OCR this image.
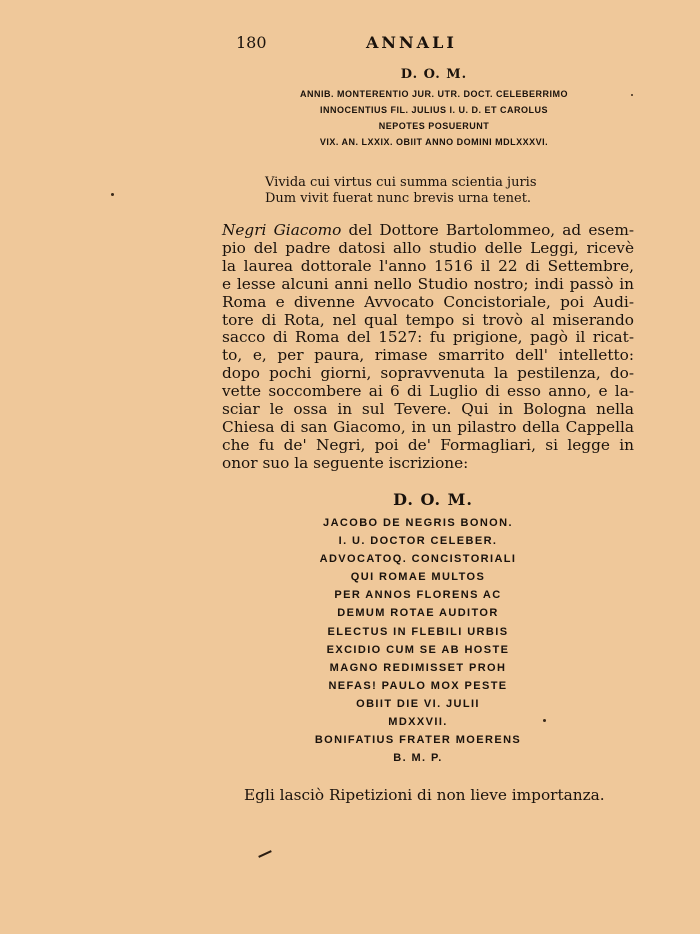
180	ANNALI
D. O. M.
ANNIB. MONTERENTIO JUR. UTR. DOCT. CELEBERRIMO
INNOCENTIUS FIL. JULIUS I. U. D. ET CAROLUS
NEPOTES POSUERUNT
VIX. AN. LXXIX. OBIIT ANNO DOMINI MDLXXXVI.
Vivida cui virtus cui summa scientia juris
Dum vivit fuerat nunc brevis urna tenet.
Negri Giacomo del Dottore Bartolommeo, ad esem-
pio del padre datosi allo studio delle Leggi, ricevè
la laurea dottorale l'anno 1516 il 22 di Settembre,
e lesse alcuni anni nello Studio nostro; indi passò in
Roma e divenne Avvocato Concistoriale, poi Audi-
tore di Rota, nel qual tempo si trovò al miserando
sacco di Roma del 1527: fu prigione, pagò il ricat-
to, e, per paura, rimase smarrito dell' intelletto:
dopo pochi giorni, sopravvenuta la pestilenza, do-
vette soccombere ai 6 di Luglio di esso anno, e la-
sciar le ossa in sul Tevere. Qui in Bologna nella
Chiesa di san Giacomo, in un pilastro della Cappella
che fu de' Negri, poi de' Formagliari, si legge in
onor suo la seguente iscrizione:
D. O. M.
JACOBO DE NEGRIS BONON.
I. U. DOCTOR CELEBER.
ADVOCATOQ. CONCISTORIALI
QUI ROMAE MULTOS
PER ANNOS FLORENS AC
DEMUM ROTAE AUDITOR
ELECTUS IN FLEBILI URBIS
EXCIDIO CUM SE AB HOSTE
MAGNO REDIMISSET PROH
NEFAS! PAULO MOX PESTE
OBIIT DIE VI. JULII
MDXXVII.
BONIFATIUS FRATER MOERENS
B. M. P.
Egli lasciò Ripetizioni di non lieve importanza.
